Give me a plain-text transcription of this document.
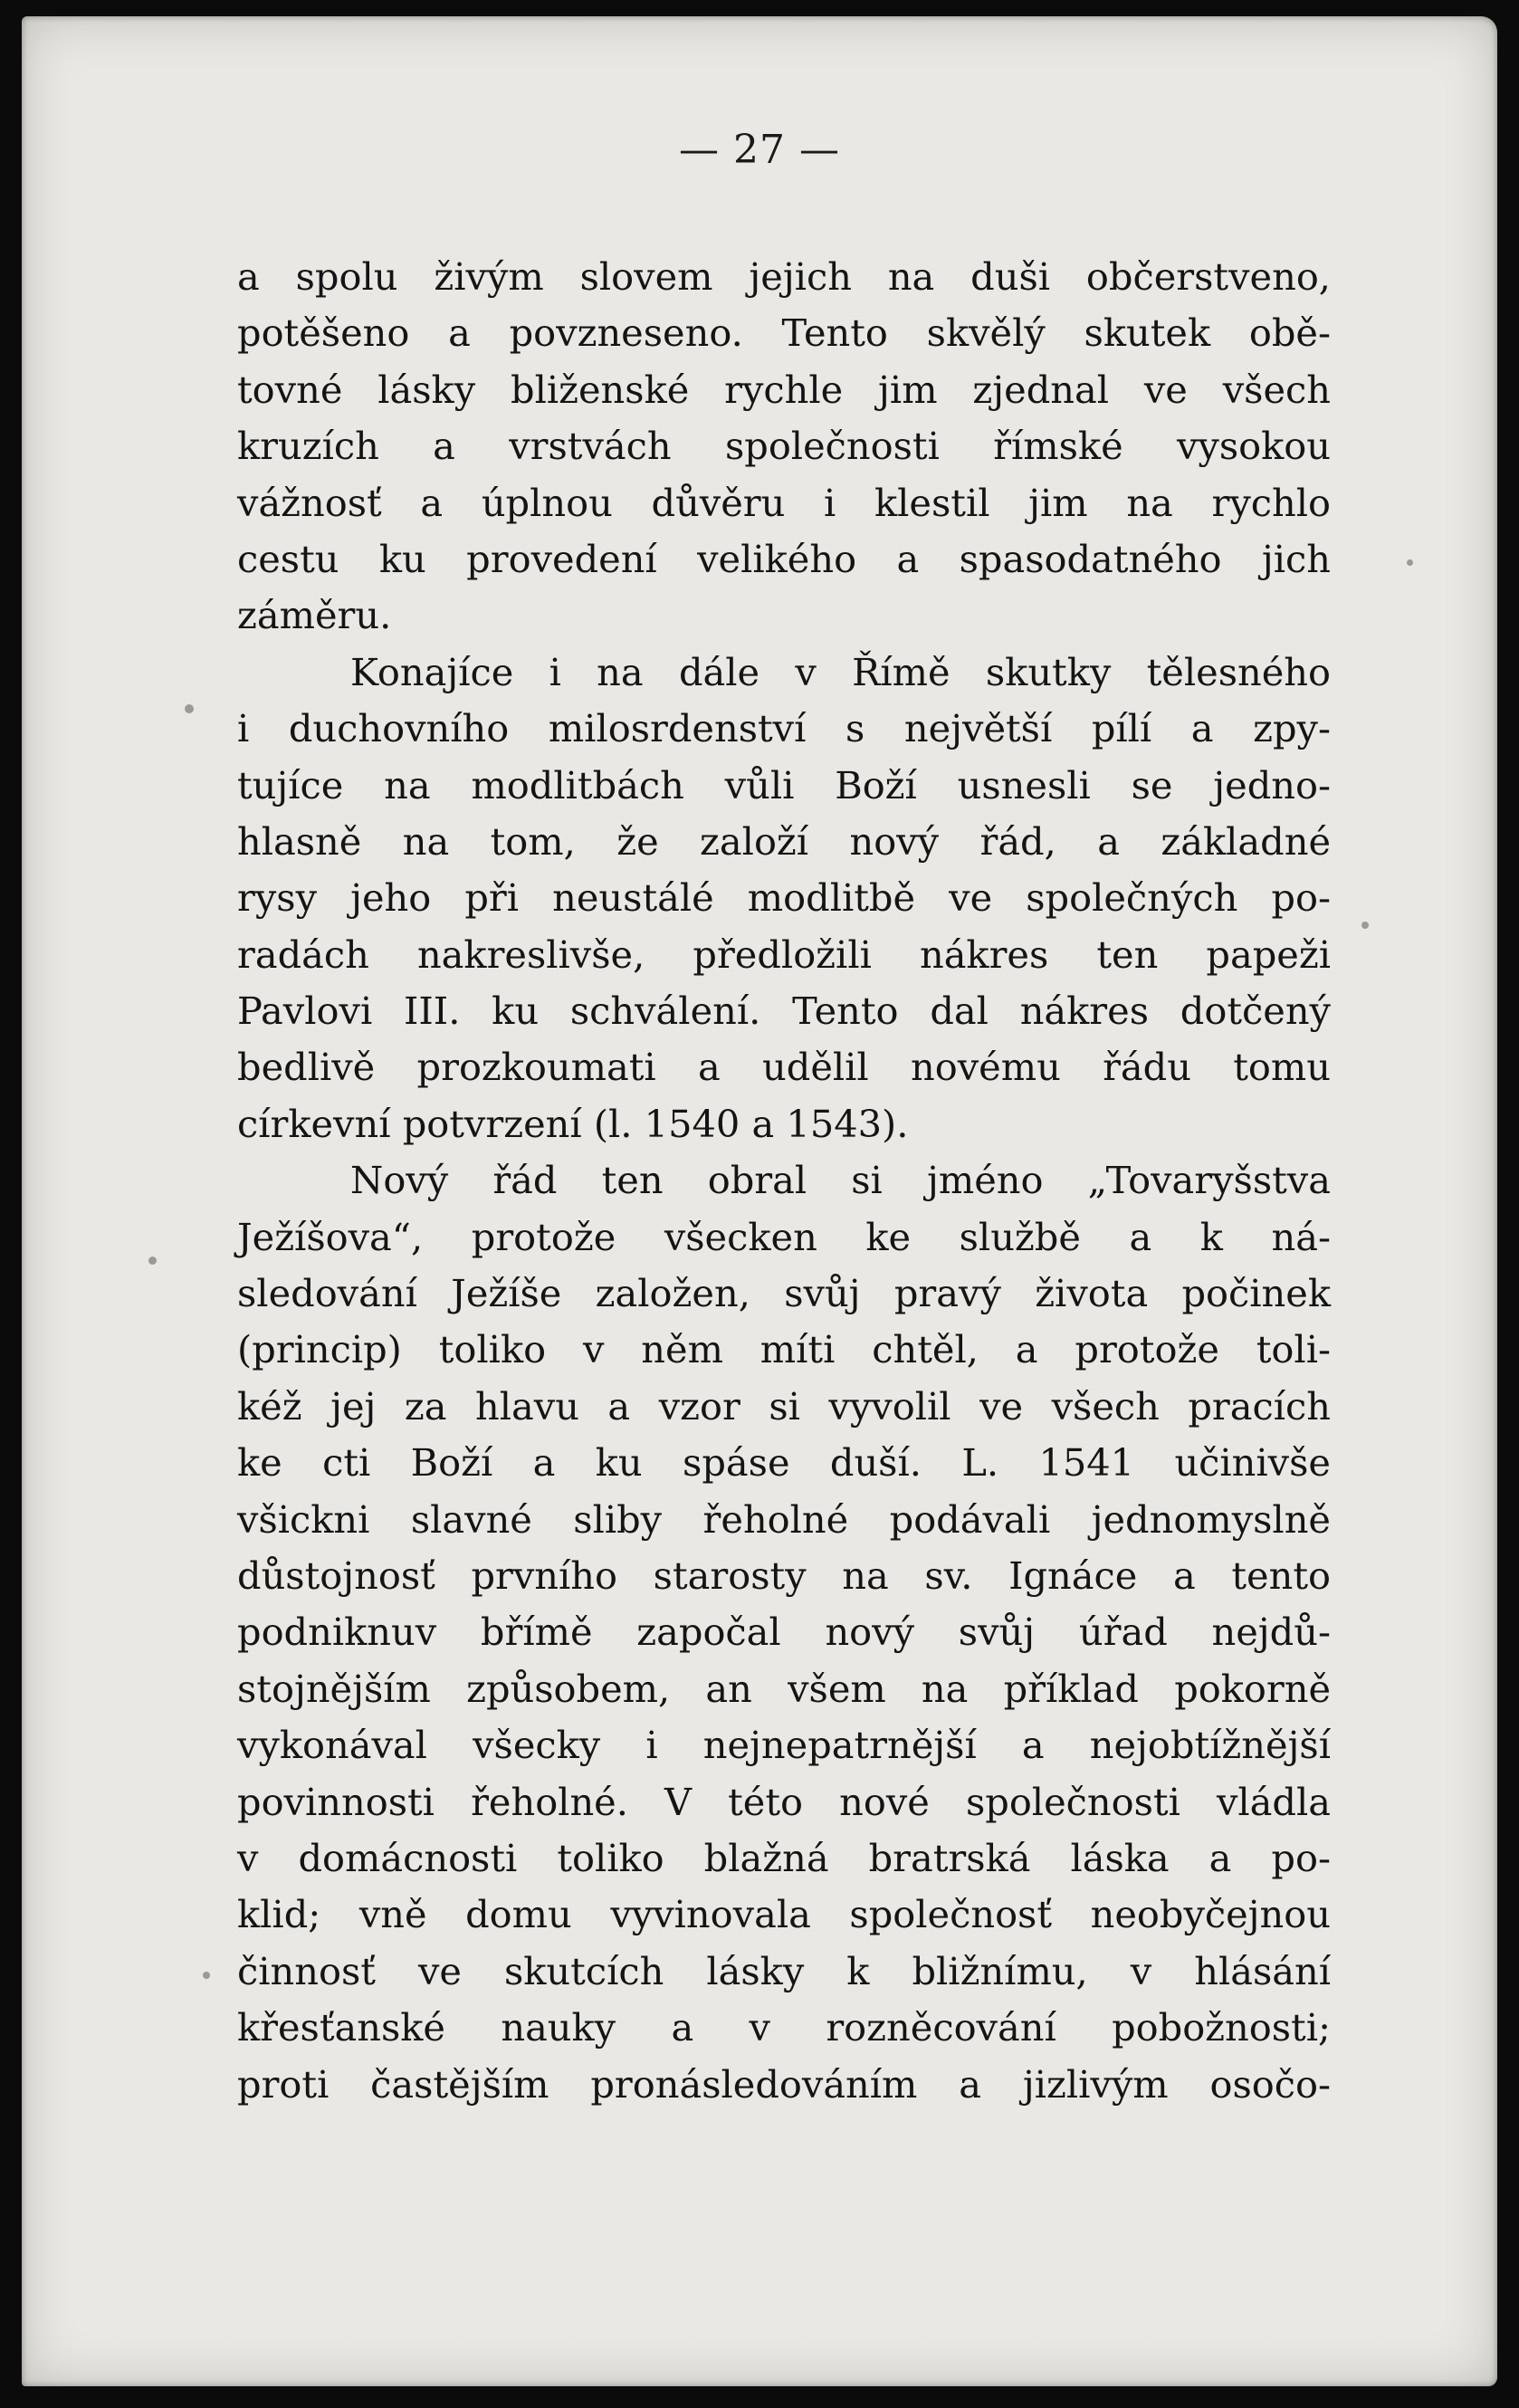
— 27 —
a spolu živým slovem jejich na duši občerstveno,
potěšeno a povzneseno. Tento skvělý skutek obě-
tovné lásky bliženské rychle jim zjednal ve všech
kruzích a vrstvách společnosti římské vysokou
vážnosť a úplnou důvěru i klestil jim na rychlo
cestu ku provedení velikého a spasodatného jich
záměru.
Konajíce i na dále v Římě skutky tělesného
i duchovního milosrdenství s největší pílí a zpy-
tujíce na modlitbách vůli Boží usnesli se jedno-
hlasně na tom, že založí nový řád, a základné
rysy jeho při neustálé modlitbě ve společných po-
radách nakreslivše, předložili nákres ten papeži
Pavlovi III. ku schválení. Tento dal nákres dotčený
bedlivě prozkoumati a udělil novému řádu tomu
církevní potvrzení (l. 1540 a 1543).
Nový řád ten obral si jméno „Tovaryšstva
Ježíšova“, protože všecken ke službě a k ná-
sledování Ježíše založen, svůj pravý života počinek
(princip) toliko v něm míti chtěl, a protože toli-
kéž jej za hlavu a vzor si vyvolil ve všech pracích
ke cti Boží a ku spáse duší. L. 1541 učinivše
všickni slavné sliby řeholné podávali jednomyslně
důstojnosť prvního starosty na sv. Ignáce a tento
podniknuv břímě započal nový svůj úřad nejdů-
stojnějším způsobem, an všem na příklad pokorně
vykonával všecky i nejnepatrnější a nejobtížnější
povinnosti řeholné. V této nové společnosti vládla
v domácnosti toliko blažná bratrská láska a po-
klid; vně domu vyvinovala společnosť neobyčejnou
činnosť ve skutcích lásky k bližnímu, v hlásání
křesťanské nauky a v rozněcování pobožnosti;
proti častějším pronásledováním a jizlivým osočo-
